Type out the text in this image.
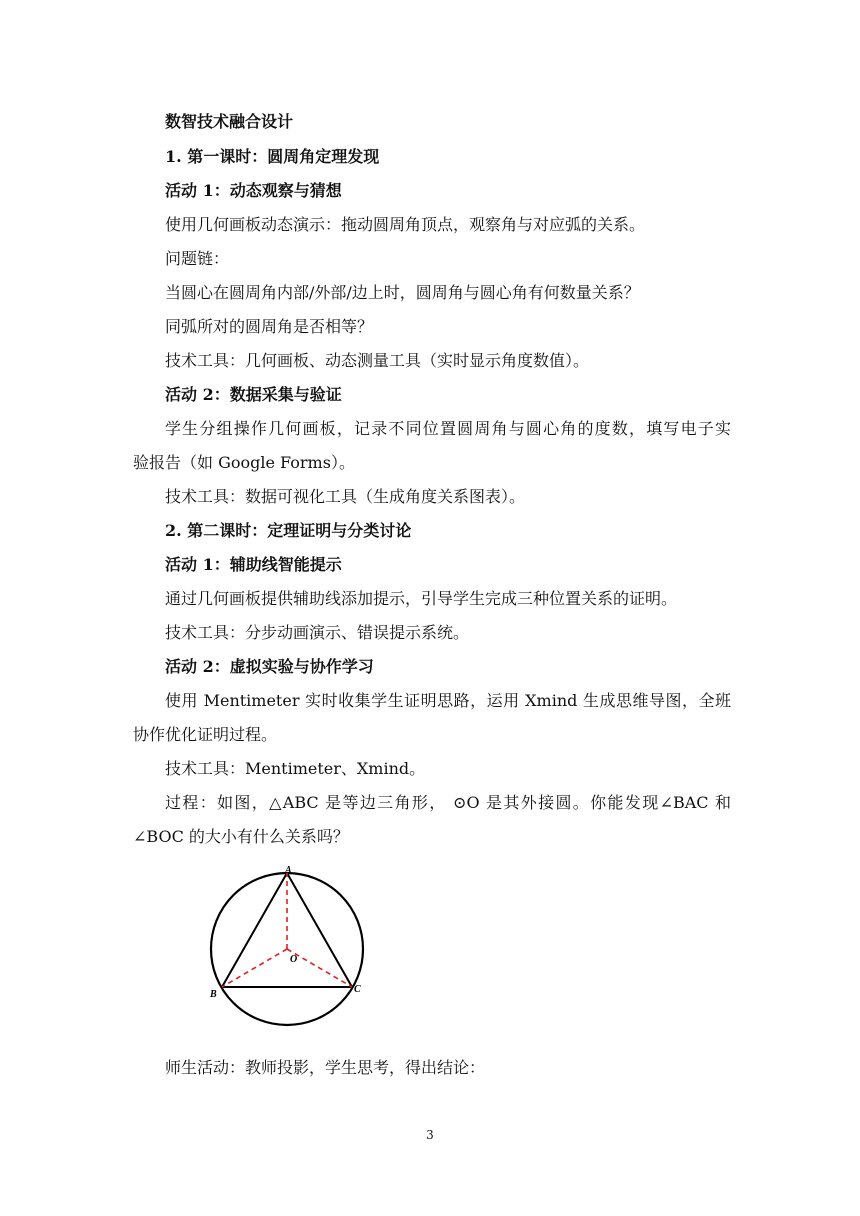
数智技术融合设计
1. 第一课时：圆周角定理发现
活动 1：动态观察与猜想
使用几何画板动态演示：拖动圆周角顶点，观察角与对应弧的关系。
问题链：
当圆心在圆周角内部/外部/边上时，圆周角与圆心角有何数量关系？
同弧所对的圆周角是否相等？
技术工具：几何画板、动态测量工具（实时显示角度数值）。
活动 2：数据采集与验证
学生分组操作几何画板，记录不同位置圆周角与圆心角的度数，填写电子实
验报告（如 Google Forms）。
技术工具：数据可视化工具（生成角度关系图表）。
2. 第二课时：定理证明与分类讨论
活动 1：辅助线智能提示
通过几何画板提供辅助线添加提示，引导学生完成三种位置关系的证明。
技术工具：分步动画演示、错误提示系统。
活动 2：虚拟实验与协作学习
使用 Mentimeter 实时收集学生证明思路，运用 Xmind 生成思维导图，全班
协作优化证明过程。
技术工具：Mentimeter、Xmind。
过程：如图，△ABC 是等边三角形， ⊙O 是其外接圆。你能发现∠BAC 和
∠BOC 的大小有什么关系吗？
A
O
B	C
师生活动：教师投影，学生思考，得出结论：
3
